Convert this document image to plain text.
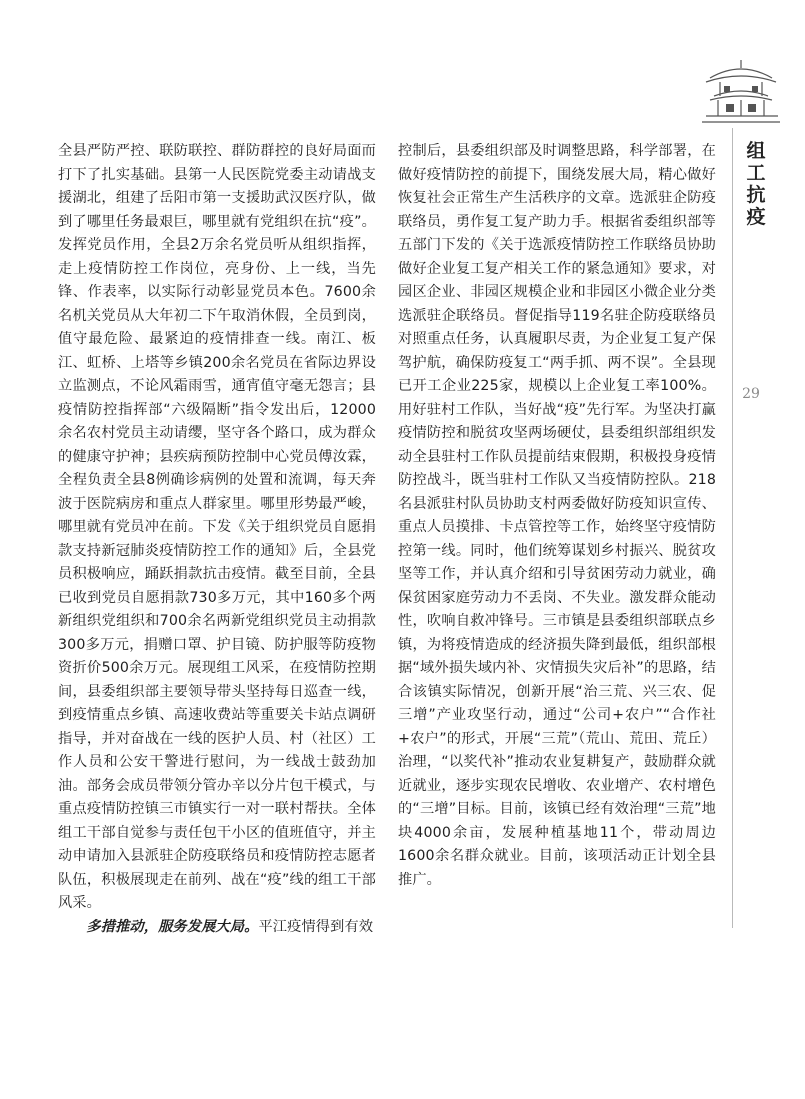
组工抗疫
29

全县严防严控、联防联控、群防群控的良好局面而打下了扎实基础。县第一人民医院党委主动请战支援湖北，组建了岳阳市第一支援助武汉医疗队，做到了哪里任务最艰巨，哪里就有党组织在抗“疫”。发挥党员作用，全县2万余名党员听从组织指挥，走上疫情防控工作岗位，亮身份、上一线，当先锋、作表率，以实际行动彰显党员本色。7600余名机关党员从大年初二下午取消休假，全员到岗，值守最危险、最紧迫的疫情排查一线。南江、板江、虹桥、上塔等乡镇200余名党员在省际边界设立监测点，不论风霜雨雪，通宵值守毫无怨言；县疫情防控指挥部“六级隔断”指令发出后，12000余名农村党员主动请缨，坚守各个路口，成为群众的健康守护神；县疾病预防控制中心党员傅汝霖，全程负责全县8例确诊病例的处置和流调，每天奔波于医院病房和重点人群家里。哪里形势最严峻，哪里就有党员冲在前。下发《关于组织党员自愿捐款支持新冠肺炎疫情防控工作的通知》后，全县党员积极响应，踊跃捐款抗击疫情。截至目前，全县已收到党员自愿捐款730多万元，其中160多个两新组织党组织和700余名两新党组织党员主动捐款300多万元，捐赠口罩、护目镜、防护服等防疫物资折价500余万元。展现组工风采，在疫情防控期间，县委组织部主要领导带头坚持每日巡查一线，到疫情重点乡镇、高速收费站等重要关卡站点调研指导，并对奋战在一线的医护人员、村（社区）工作人员和公安干警进行慰问，为一线战士鼓劲加油。部务会成员带领分管办辛以分片包干模式，与重点疫情防控镇三市镇实行一对一联村帮扶。全体组工干部自觉参与责任包干小区的值班值守，并主动申请加入县派驻企防疫联络员和疫情防控志愿者队伍，积极展现走在前列、战在“疫”线的组工干部风采。

多措推动，服务发展大局。平江疫情得到有效

控制后，县委组织部及时调整思路，科学部署，在做好疫情防控的前提下，围绕发展大局，精心做好恢复社会正常生产生活秩序的文章。选派驻企防疫联络员，勇作复工复产助力手。根据省委组织部等五部门下发的《关于选派疫情防控工作联络员协助做好企业复工复产相关工作的紧急通知》要求，对园区企业、非园区规模企业和非园区小微企业分类选派驻企联络员。督促指导119名驻企防疫联络员对照重点任务，认真履职尽责，为企业复工复产保驾护航，确保防疫复工“两手抓、两不误”。全县现已开工企业225家，规模以上企业复工率100%。用好驻村工作队，当好战“疫”先行军。为坚决打赢疫情防控和脱贫攻坚两场硬仗，县委组织部组织发动全县驻村工作队员提前结束假期，积极投身疫情防控战斗，既当驻村工作队又当疫情防控队。218名县派驻村队员协助支村两委做好防疫知识宣传、重点人员摸排、卡点管控等工作，始终坚守疫情防控第一线。同时，他们统筹谋划乡村振兴、脱贫攻坚等工作，并认真介绍和引导贫困劳动力就业，确保贫困家庭劳动力不丢岗、不失业。激发群众能动性，吹响自救冲锋号。三市镇是县委组织部联点乡镇，为将疫情造成的经济损失降到最低，组织部根据“域外损失域内补、灾情损失灾后补”的思路，结合该镇实际情况，创新开展“治三荒、兴三农、促三增”产业攻坚行动，通过“公司+农户”“合作社+农户”的形式，开展“三荒”（荒山、荒田、荒丘）治理，“以奖代补”推动农业复耕复产，鼓励群众就近就业，逐步实现农民增收、农业增产、农村增色的“三增”目标。目前，该镇已经有效治理“三荒”地块4000余亩，发展种植基地11个，带动周边1600余名群众就业。目前，该项活动正计划全县推广。
